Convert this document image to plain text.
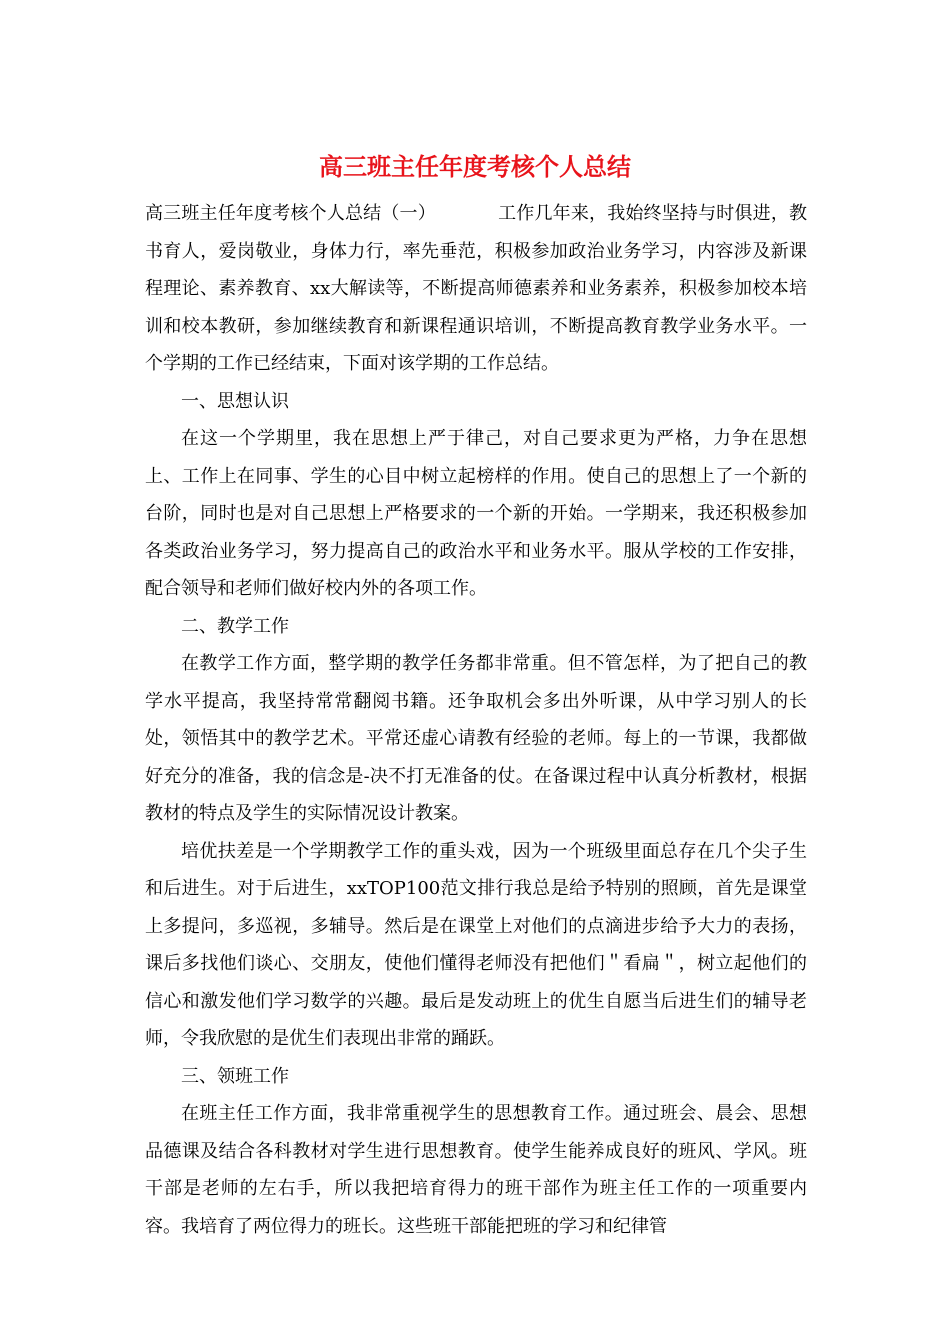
高三班主任年度考核个人总结

高三班主任年度考核个人总结（一）	工作几年来，我始终坚持与时俱进，教书育人，爱岗敬业，身体力行，率先垂范，积极参加政治业务学习，内容涉及新课程理论、素养教育、xx大解读等，不断提高师德素养和业务素养，积极参加校本培训和校本教研，参加继续教育和新课程通识培训，不断提高教育教学业务水平。一个学期的工作已经结束，下面对该学期的工作总结。

一、思想认识

在这一个学期里，我在思想上严于律己，对自己要求更为严格，力争在思想上、工作上在同事、学生的心目中树立起榜样的作用。使自己的思想上了一个新的台阶，同时也是对自己思想上严格要求的一个新的开始。一学期来，我还积极参加各类政治业务学习，努力提高自己的政治水平和业务水平。服从学校的工作安排，配合领导和老师们做好校内外的各项工作。

二、教学工作

在教学工作方面，整学期的教学任务都非常重。但不管怎样，为了把自己的教学水平提高，我坚持常常翻阅书籍。还争取机会多出外听课，从中学习别人的长处，领悟其中的教学艺术。平常还虚心请教有经验的老师。每上的一节课，我都做好充分的准备，我的信念是-决不打无准备的仗。在备课过程中认真分析教材，根据教材的特点及学生的实际情况设计教案。

培优扶差是一个学期教学工作的重头戏，因为一个班级里面总存在几个尖子生和后进生。对于后进生，xxTOP100范文排行我总是给予特别的照顾，首先是课堂上多提问，多巡视，多辅导。然后是在课堂上对他们的点滴进步给予大力的表扬，课后多找他们谈心、交朋友，使他们懂得老师没有把他们＂看扁＂，树立起他们的信心和激发他们学习数学的兴趣。最后是发动班上的优生自愿当后进生们的辅导老师，令我欣慰的是优生们表现出非常的踊跃。

三、领班工作

在班主任工作方面，我非常重视学生的思想教育工作。通过班会、晨会、思想品德课及结合各科教材对学生进行思想教育。使学生能养成良好的班风、学风。班干部是老师的左右手，所以我把培育得力的班干部作为班主任工作的一项重要内容。我培育了两位得力的班长。这些班干部能把班的学习和纪律管
